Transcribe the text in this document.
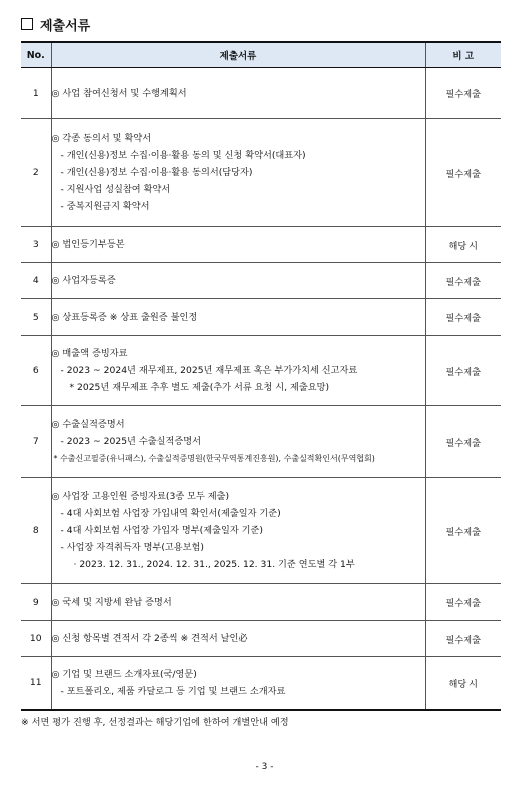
제출서류
No.	제출서류	비 고
1	◎ 사업 참여신청서 및 수행계획서	필수제출
2	◎ 각종 동의서 및 확약서
- 개인(신용)정보 수집·이용·활용 동의 및 신청 확약서(대표자)
- 개인(신용)정보 수집·이용·활용 동의서(담당자)
- 지원사업 성실참여 확약서
- 중복지원금지 확약서	필수제출
3	◎ 법인등기부등본	해당 시
4	◎ 사업자등록증	필수제출
5	◎ 상표등록증 ※ 상표 출원증 불인정	필수제출
6	◎ 매출액 증빙자료
- 2023 ~ 2024년 재무제표, 2025년 재무제표 혹은 부가가치세 신고자료
* 2025년 재무제표 추후 별도 제출(추가 서류 요청 시, 제출요망)	필수제출
7	◎ 수출실적증명서
- 2023 ~ 2025년 수출실적증명서
* 수출신고필증(유니패스), 수출실적증명원(한국무역통계진흥원), 수출실적확인서(무역협회)	필수제출
8	◎ 사업장 고용인원 증빙자료(3종 모두 제출)
- 4대 사회보험 사업장 가입내역 확인서(제출일자 기준)
- 4대 사회보험 사업장 가입자 명부(제출일자 기준)
- 사업장 자격취득자 명부(고용보험)
· 2023. 12. 31., 2024. 12. 31., 2025. 12. 31. 기준 연도별 각 1부	필수제출
9	◎ 국세 및 지방세 완납 증명서	필수제출
10	◎ 신청 항목별 견적서 각 2종씩 ※ 견적서 날인必	필수제출
11	◎ 기업 및 브랜드 소개자료(국/영문)
- 포트폴리오, 제품 카달로그 등 기업 및 브랜드 소개자료	해당 시
※ 서면 평가 진행 후, 선정결과는 해당기업에 한하여 개별안내 예정
- 3 -
